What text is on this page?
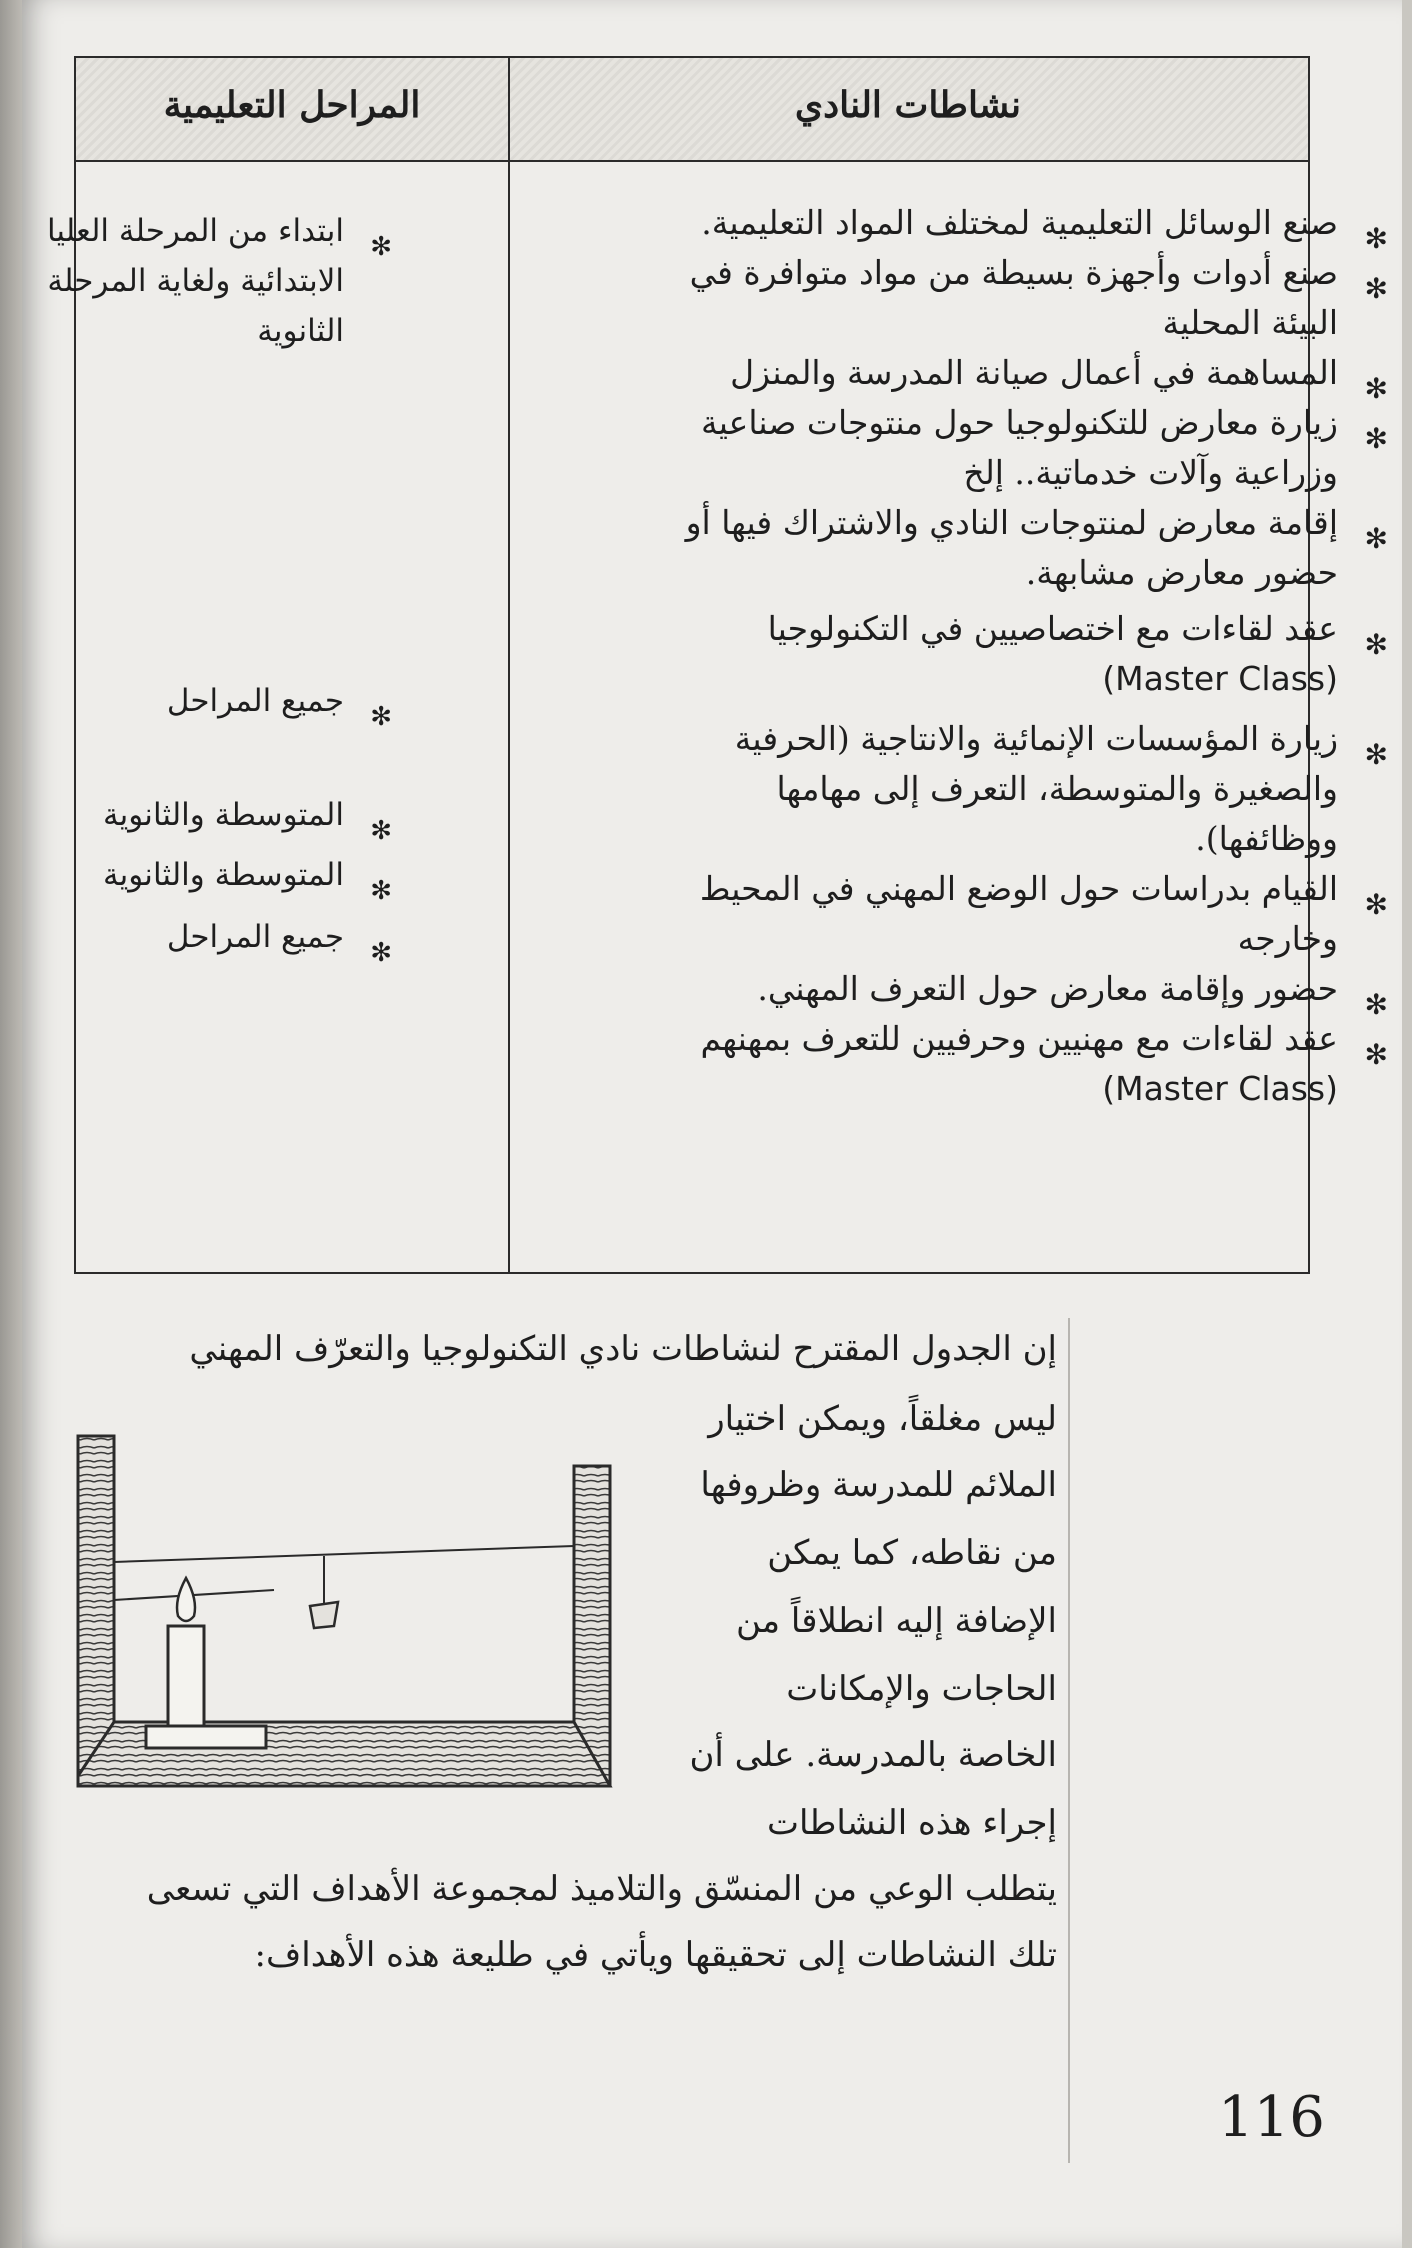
نشاطات النادي
المراحل التعليمية
✻
صنع الوسائل التعليمية لمختلف المواد التعليمية.
✻
صنع أدوات وأجهزة بسيطة من مواد متوافرة في البيئة المحلية
✻
المساهمة في أعمال صيانة المدرسة والمنزل
✻
زيارة معارض للتكنولوجيا حول منتوجات صناعية وزراعية وآلات خدماتية.. إلخ
✻
إقامة معارض لمنتوجات النادي والاشتراك فيها أو حضور معارض مشابهة.
✻
عقد لقاءات مع اختصاصيين في التكنولوجيا
(Master Class)
✻
زيارة المؤسسات الإنمائية والانتاجية (الحرفية والصغيرة والمتوسطة، التعرف إلى مهامها ووظائفها).
✻
القيام بدراسات حول الوضع المهني في المحيط وخارجه
✻
حضور وإقامة معارض حول التعرف المهني.
✻
عقد لقاءات مع مهنيين وحرفيين للتعرف بمهنهم
(Master Class)
✻
ابتداء من المرحلة العليا الابتدائية ولغاية المرحلة الثانوية
✻
جميع المراحل
✻
المتوسطة والثانوية
✻
المتوسطة والثانوية
✻
جميع المراحل
إن الجدول المقترح لنشاطات نادي التكنولوجيا والتعرّف المهني
ليس مغلقاً، ويمكن اختيار
الملائم للمدرسة وظروفها
من نقاطه، كما يمكن
الإضافة إليه انطلاقاً من
الحاجات والإمكانات
الخاصة بالمدرسة. على أن
إجراء هذه النشاطات
يتطلب الوعي من المنسّق والتلاميذ لمجموعة الأهداف التي تسعى
تلك النشاطات إلى تحقيقها ويأتي في طليعة هذه الأهداف:
116
